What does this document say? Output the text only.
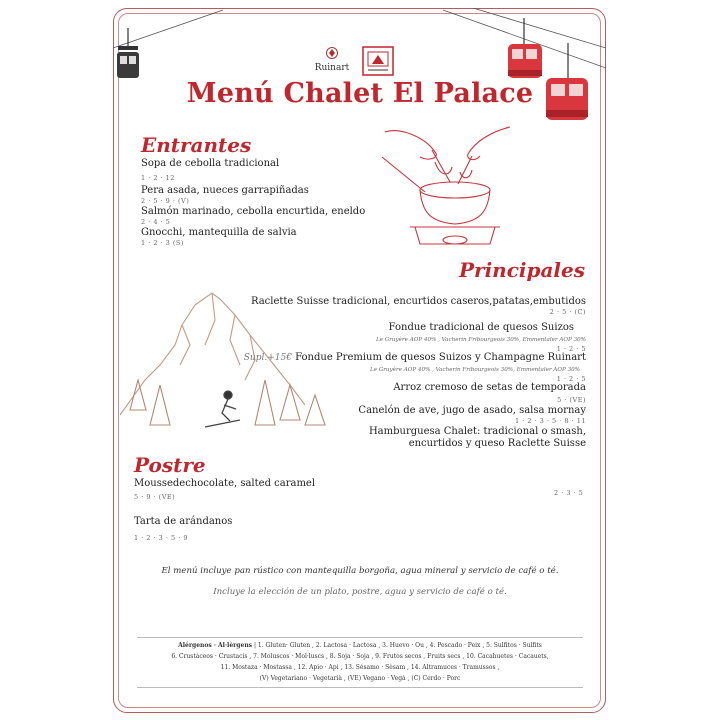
Ruinart
Menú Chalet El Palace
Entrantes
Sopa de cebolla tradicional
1 · 2 · 12
Pera asada, nueces garrapiñadas
2 · 5 · 9 · (V)
Salmón marinado, cebolla encurtida, eneldo
2 · 4 · 5
Gnocchi, mantequilla de salvia
1 · 2 · 3 (S)
Principales
Raclette Suisse tradicional, encurtidos caseros,patatas,embutidos
2 · 5 · (C)
Fondue tradicional de quesos Suizos
Le Gruyère AOP 40% , Vacherin Fribourgeois 30%, Emmentaler AOP 30%
1 · 2 · 5
Supl.+15€ Fondue Premium de quesos Suizos y Champagne Ruinart
Le Gruyère AOP 40% , Vacherin Fribourgeois 30%, Emmentaler AOP 30%
1 · 2 · 5
Arroz cremoso de setas de temporada
5 · (VE)
Canelón de ave, jugo de asado, salsa mornay
1 · 2 · 3 · 5 · 8 · 11
Hamburguesa Chalet: tradicional o smash,
encurtidos y queso Raclette Suisse
2 · 3 · 5
Postre
Moussedechocolate, salted caramel
5 · 9 · (VE)
Tarta de arándanos
1 · 2 · 3 · 5 · 9
El menú incluye pan rústico con mantequilla borgoña, agua mineral y servicio de café o té.
Incluye la elección de un plato, postre, agua y servicio de café o té.
Alérgenos · Al·lèrgens | 1. Gluten· Gluten , 2. Lactosa · Lactosa , 3. Huevo · Ou , 4. Pescado · Peix , 5. Sulfitos · Sulfits
6. Crustáceos · Crustacis , 7. Moluscos · Mol·luscs , 8. Soja · Soja , 9. Frutos secos , Fruits secs , 10. Cacahuetes · Cacauets,
11. Mostaza · Mostassa , 12. Apio · Api , 13. Sésamo · Sèsam , 14. Altramuces · Tramussos ,
(V) Vegetariano · Vegetarià , (VE) Vegano · Vegà , (C) Cerdo · Porc
